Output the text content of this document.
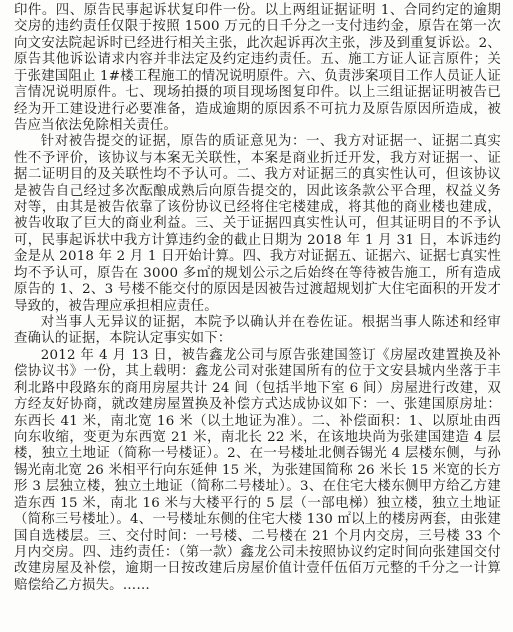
印件。四、原告民事起诉状复印件一份。以上两组证据证明 1、合同约定的逾期交房的违约责任仅限于按照 1500 万元的日千分之一支付违约金，原告在第一次向文安法院起诉时已经进行相关主张，此次起诉再次主张，涉及到重复诉讼。2、原告其他诉讼请求内容并非法定及约定违约责任。五、施工方证人证言原件；关于张建国阻止 1#楼工程施工的情况说明原件。六、负责涉案项目工作人员证人证言情况说明原件。七、现场拍摄的项目现场图复印件。以上三组证据证明被告已经为开工建设进行必要准备，造成逾期的原因系不可抗力及原告原因所造成，被告应当依法免除相关责任。

针对被告提交的证据，原告的质证意见为：一、我方对证据一、证据二真实性不予评价，该协议与本案无关联性，本案是商业折迁开发，我方对证据一、证据二证明目的及关联性均不予认可。二、我方对证据三的真实性认可，但该协议是被告自己经过多次酝酿成熟后向原告提交的，因此该条款公平合理，权益义务对等，由其是被告依靠了该份协议已经将住宅楼建成，将其他的商业楼也建成，被告收取了巨大的商业利益。三、关于证据四真实性认可，但其证明目的不予认可，民事起诉状中我方计算违约金的截止日期为 2018 年 1 月 31 日，本诉违约金是从 2018 年 2 月 1 日开始计算。四、我方对证据五、证据六、证据七真实性均不予认可，原告在 3000 多㎡的规划公示之后始终在等待被告施工，所有造成原告的 1、2、3 号楼不能交付的原因是因被告过渡超规划扩大住宅面积的开发才导致的，被告理应承担相应责任。

对当事人无异议的证据，本院予以确认并在卷佐证。根据当事人陈述和经审查确认的证据，本院认定事实如下：

2012 年 4 月 13 日，被告鑫龙公司与原告张建国签订《房屋改建置换及补偿协议书》一份，其上载明：鑫龙公司对张建国所有的位于文安县城内坐落于丰利北路中段路东的商用房屋共计 24 间（包括半地下室 6 间）房屋进行改建，双方经友好协商，就改建房屋置换及补偿方式达成协议如下：一、张建国原房址：东西长 41 米，南北宽 16 米（以土地证为准）。二、补偿面积：1、以原址由西向东收缩，变更为东西宽 21 米，南北长 22 米，在该地块尚为张建国建造 4 层楼，独立土地证（简称一号楼证）。2、在一号楼址北侧吞锡光 4 层楼东侧，与孙锡光南北宽 26 米相平行向东延伸 15 米，为张建国简称 26 米长 15 米宽的长方形 3 层独立楼，独立土地证（简称二号楼址）。3、在住宅大楼东侧甲方给乙方建造东西 15 米，南北 16 米与大楼平行的 5 层（一部电梯）独立楼，独立土地证（简称三号楼址）。4、一号楼址东侧的住宅大楼 130 ㎡以上的楼房两套，由张建国自选楼层。三、交付时间：一号楼、二号楼在 21 个月内交房，三号楼 33 个月内交房。四、违约责任：（第一款）鑫龙公司未按照协议约定时间向张建国交付改建房屋及补偿，逾期一日按改建后房屋价值计壹仟伍佰万元整的千分之一计算赔偿给乙方损失。……
